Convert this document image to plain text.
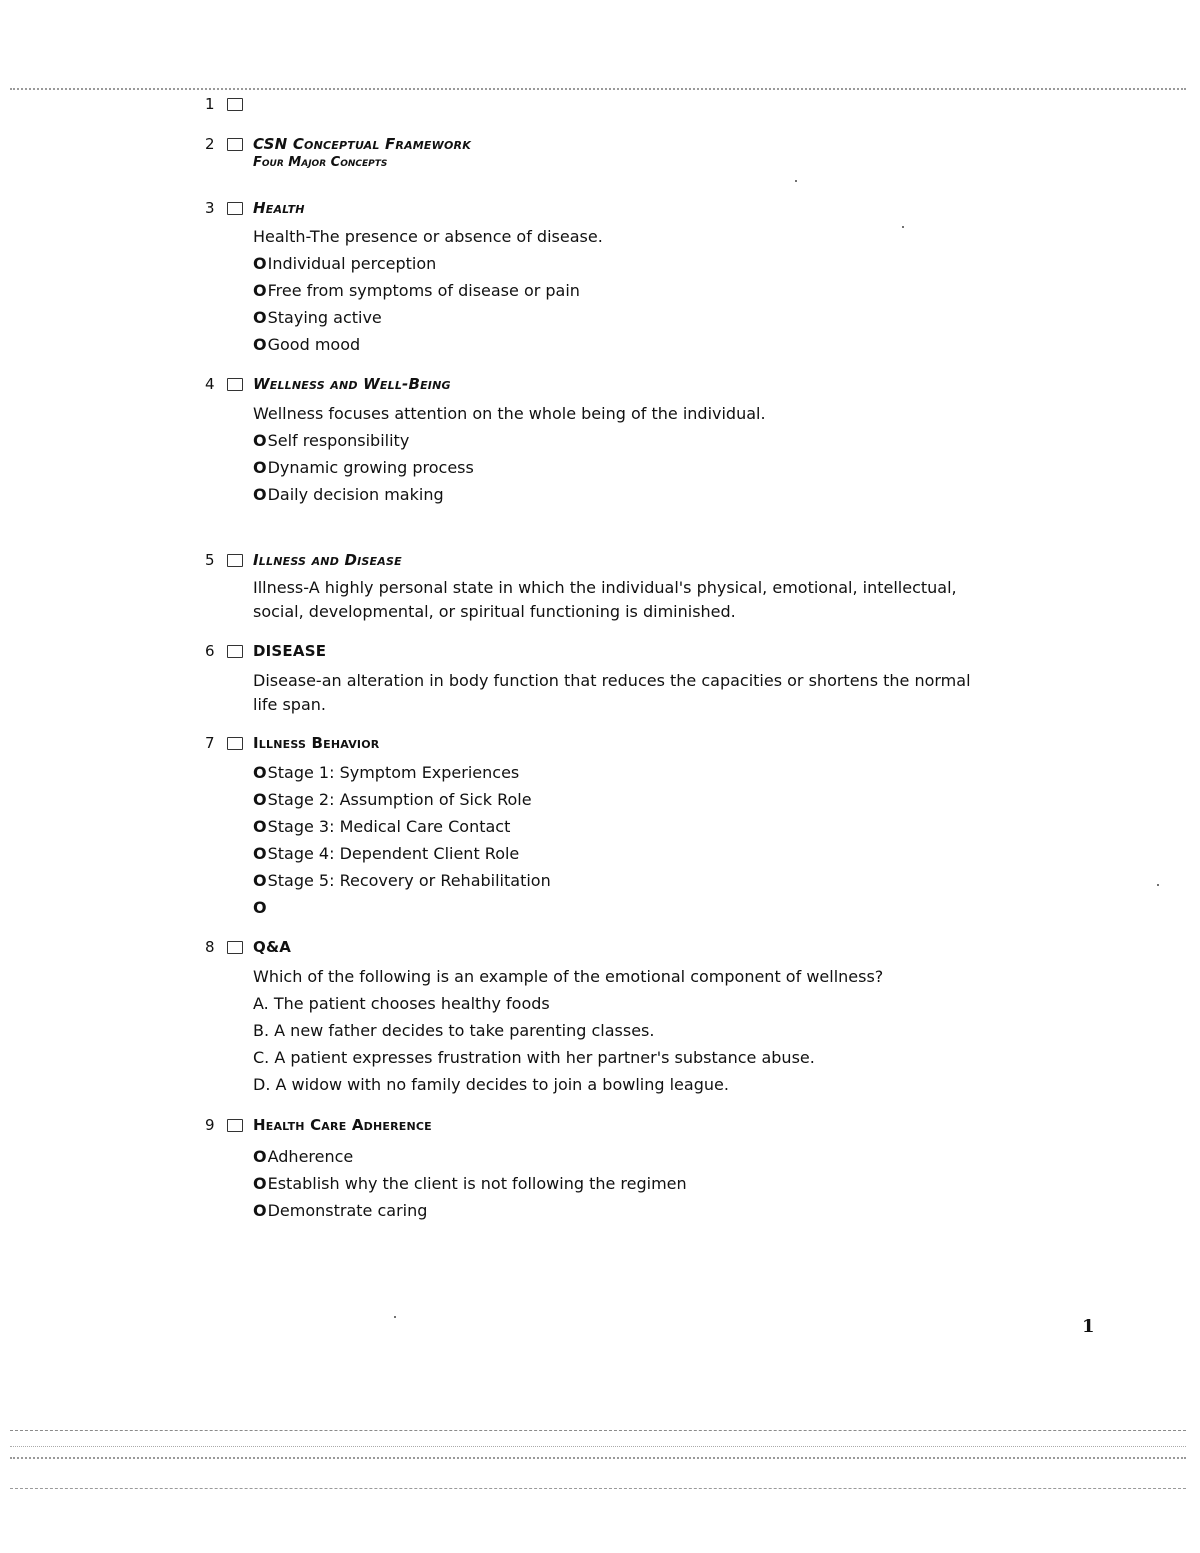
1
2	CSN Conceptual Framework
Four Major Concepts
3	Health
Health-The presence or absence of disease.
O Individual perception
O Free from symptoms of disease or pain
O Staying active
O Good mood
4	Wellness and Well-Being
Wellness focuses attention on the whole being of the individual.
O Self responsibility
O Dynamic growing process
O Daily decision making
5	Illness and Disease
Illness-A highly personal state in which the individual's physical, emotional, intellectual, social, developmental, or spiritual functioning is diminished.
6	DISEASE
Disease-an alteration in body function that reduces the capacities or shortens the normal life span.
7	Illness Behavior
O Stage 1: Symptom Experiences
O Stage 2: Assumption of Sick Role
O Stage 3: Medical Care Contact
O Stage 4: Dependent Client Role
O Stage 5: Recovery or Rehabilitation
O
8	Q&A
Which of the following is an example of the emotional component of wellness?
A. The patient chooses healthy foods
B. A new father decides to take parenting classes.
C. A patient expresses frustration with her partner's substance abuse.
D. A widow with no family decides to join a bowling league.
9	Health Care Adherence
O Adherence
O Establish why the client is not following the regimen
O Demonstrate caring
1
